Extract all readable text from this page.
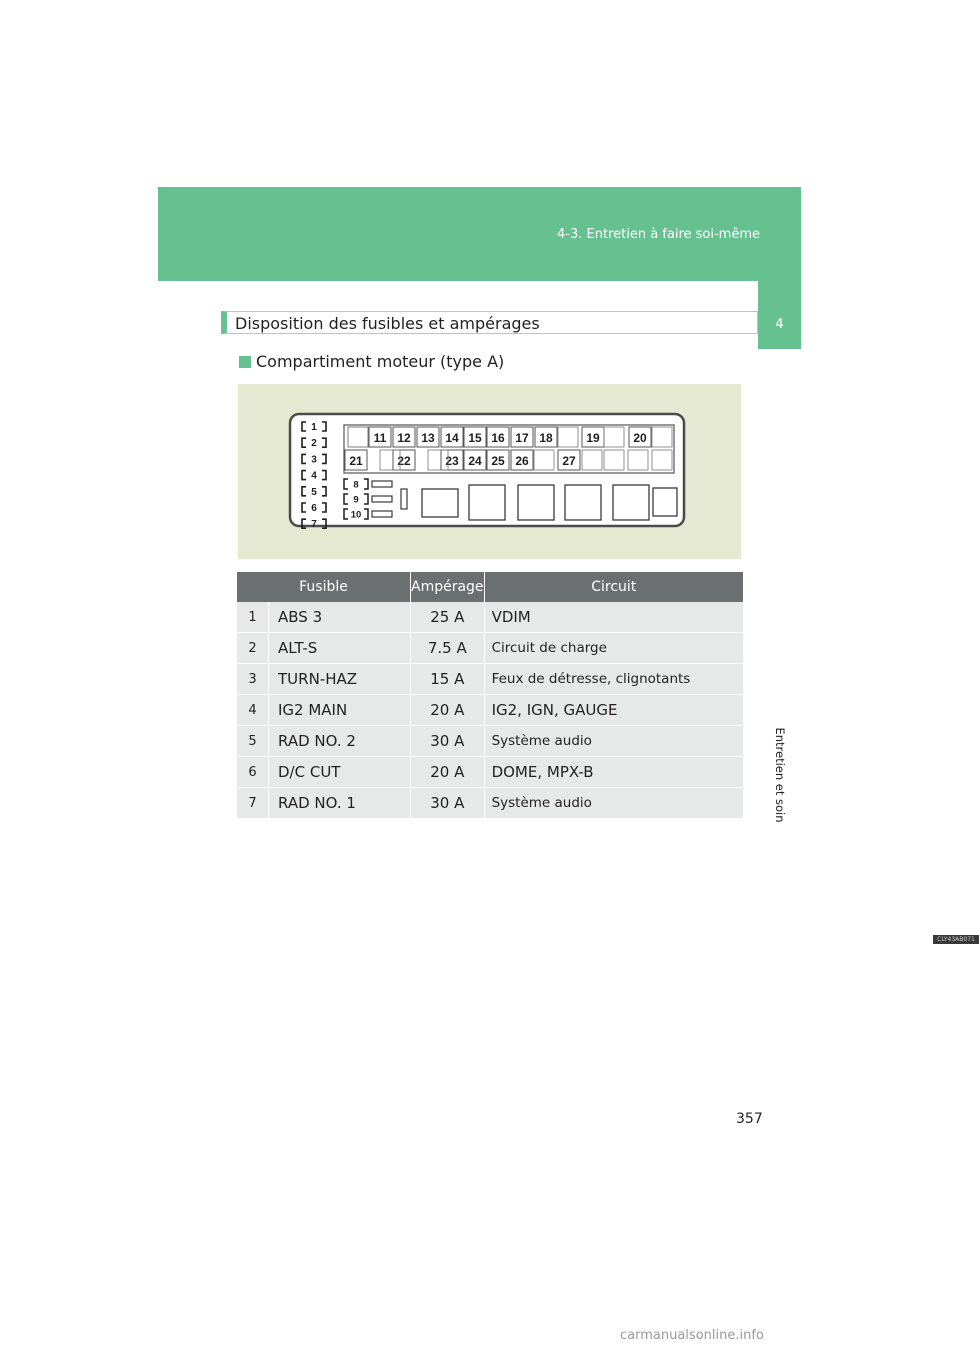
4-3. Entretien à faire soi-même
4
Entretien et soin
Disposition des fusibles et ampérages
Compartiment moteur (type A)
1
2
3
4
5
6
7
8
9
10
11 12 13 14 15 16 17 18	19	20
21	22	23 24 25 26	27
CLY43AB071
Fusible		Ampérage	Circuit
1	ABS 3	25 A	VDIM
2	ALT-S	7.5 A	Circuit de charge
3	TURN-HAZ	15 A	Feux de détresse, clignotants
4	IG2 MAIN	20 A	IG2, IGN, GAUGE
5	RAD NO. 2	30 A	Système audio
6	D/C CUT	20 A	DOME, MPX-B
7	RAD NO. 1	30 A	Système audio
357
carmanualsonline.info
